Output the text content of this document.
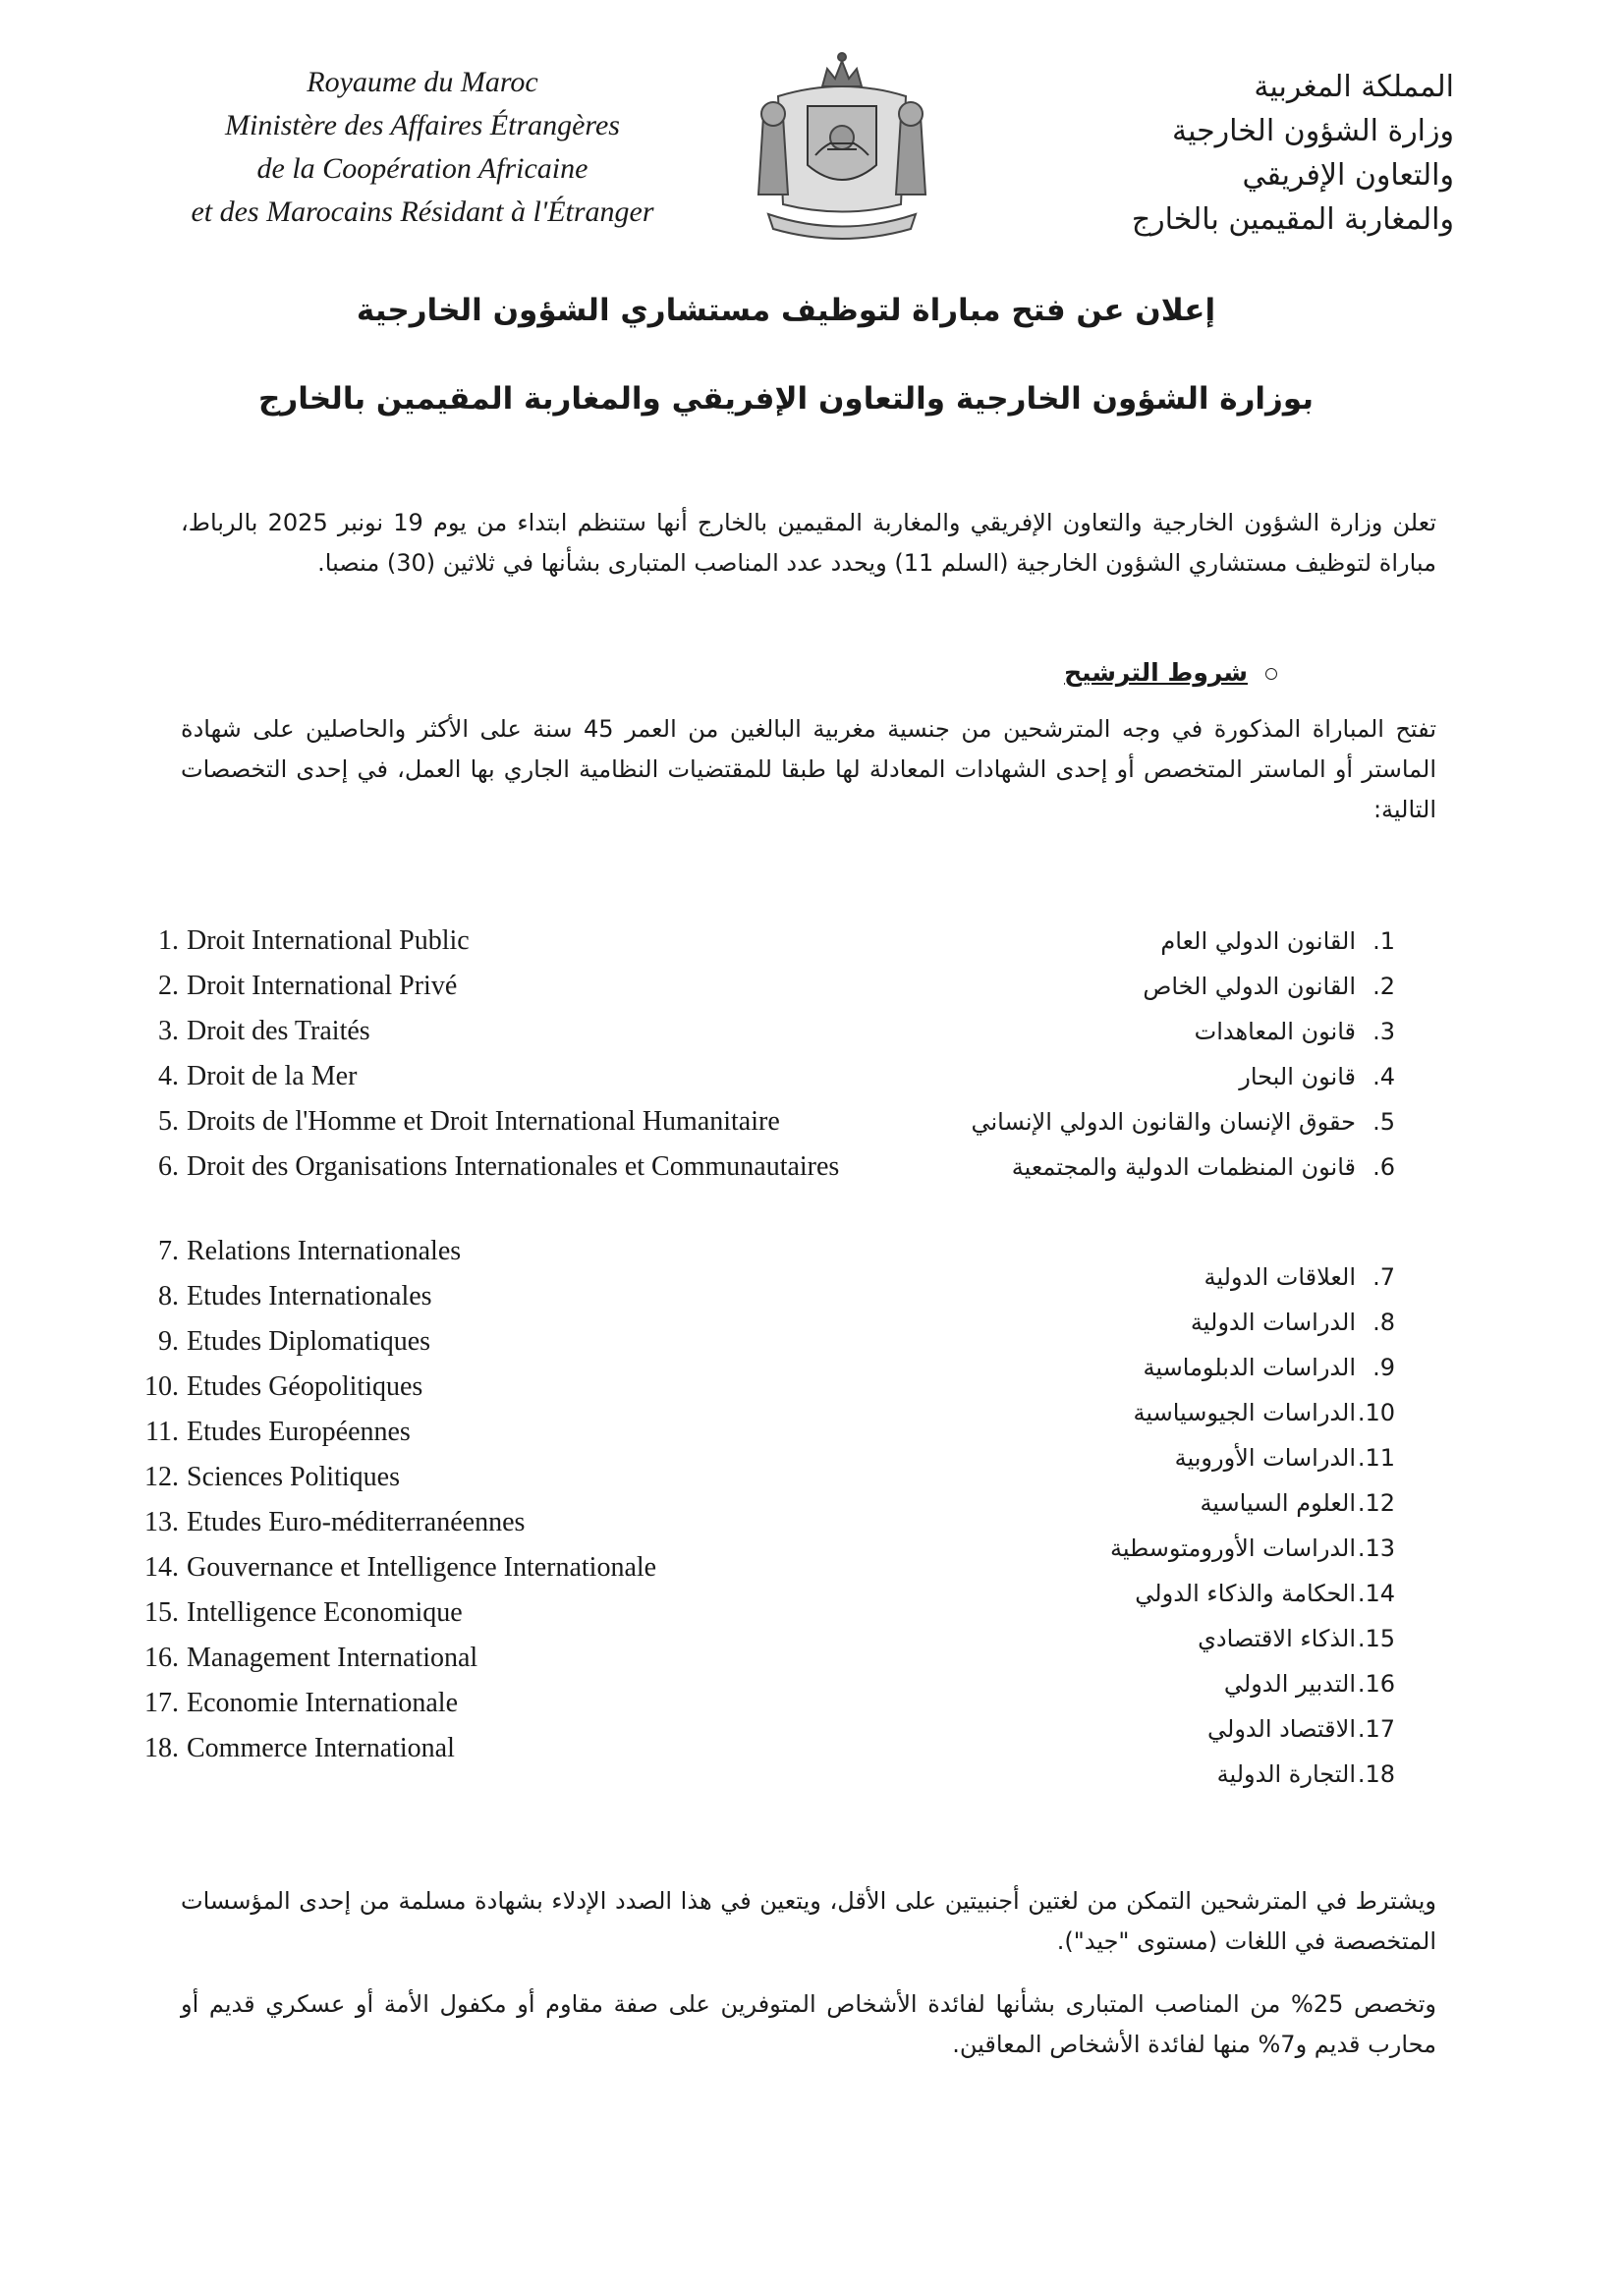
Royaume du Maroc
Ministère des Affaires Étrangères
de la Coopération Africaine
et des Marocains Résidant à l'Étranger
المملكة المغربية
وزارة الشؤون الخارجية
والتعاون الإفريقي
والمغاربة المقيمين بالخارج
إعلان عن فتح مباراة لتوظيف مستشاري الشؤون الخارجية
بوزارة الشؤون الخارجية والتعاون الإفريقي والمغاربة المقيمين بالخارج
تعلن وزارة الشؤون الخارجية والتعاون الإفريقي والمغاربة المقيمين بالخارج أنها ستنظم ابتداء من يوم 19 نونبر 2025 بالرباط، مباراة لتوظيف مستشاري الشؤون الخارجية (السلم 11) ويحدد عدد المناصب المتبارى بشأنها في ثلاثين (30) منصبا.
شروط الترشيح
تفتح المباراة المذكورة في وجه المترشحين من جنسية مغربية البالغين من العمر 45 سنة على الأكثر والحاصلين على شهادة الماستر أو الماستر المتخصص أو إحدى الشهادات المعادلة لها طبقا للمقتضيات النظامية الجاري بها العمل، في إحدى التخصصات التالية:
1. Droit International Public
2. Droit International Privé
3. Droit des Traités
4. Droit de la Mer
5. Droits de l'Homme et Droit International Humanitaire
6. Droit des Organisations Internationales et Communautaires
7. Relations Internationales
8. Etudes Internationales
9. Etudes Diplomatiques
10. Etudes Géopolitiques
11. Etudes Européennes
12. Sciences Politiques
13. Etudes Euro-méditerranéennes
14. Gouvernance et Intelligence Internationale
15. Intelligence Economique
16. Management International
17. Economie Internationale
18. Commerce International
1.القانون الدولي العام
2.القانون الدولي الخاص
3.قانون المعاهدات
4.قانون البحار
5.حقوق الإنسان والقانون الدولي الإنساني
6.قانون المنظمات الدولية والمجتمعية
7.العلاقات الدولية
8.الدراسات الدولية
9.الدراسات الدبلوماسية
10.الدراسات الجيوسياسية
11.الدراسات الأوروبية
12.العلوم السياسية
13.الدراسات الأورومتوسطية
14.الحكامة والذكاء الدولي
15.الذكاء الاقتصادي
16.التدبير الدولي
17.الاقتصاد الدولي
18.التجارة الدولية
ويشترط في المترشحين التمكن من لغتين أجنبيتين على الأقل، ويتعين في هذا الصدد الإدلاء بشهادة مسلمة من إحدى المؤسسات المتخصصة في اللغات (مستوى "جيد").
وتخصص 25% من المناصب المتبارى بشأنها لفائدة الأشخاص المتوفرين على صفة مقاوم أو مكفول الأمة أو عسكري قديم أو محارب قديم و7% منها لفائدة الأشخاص المعاقين.
